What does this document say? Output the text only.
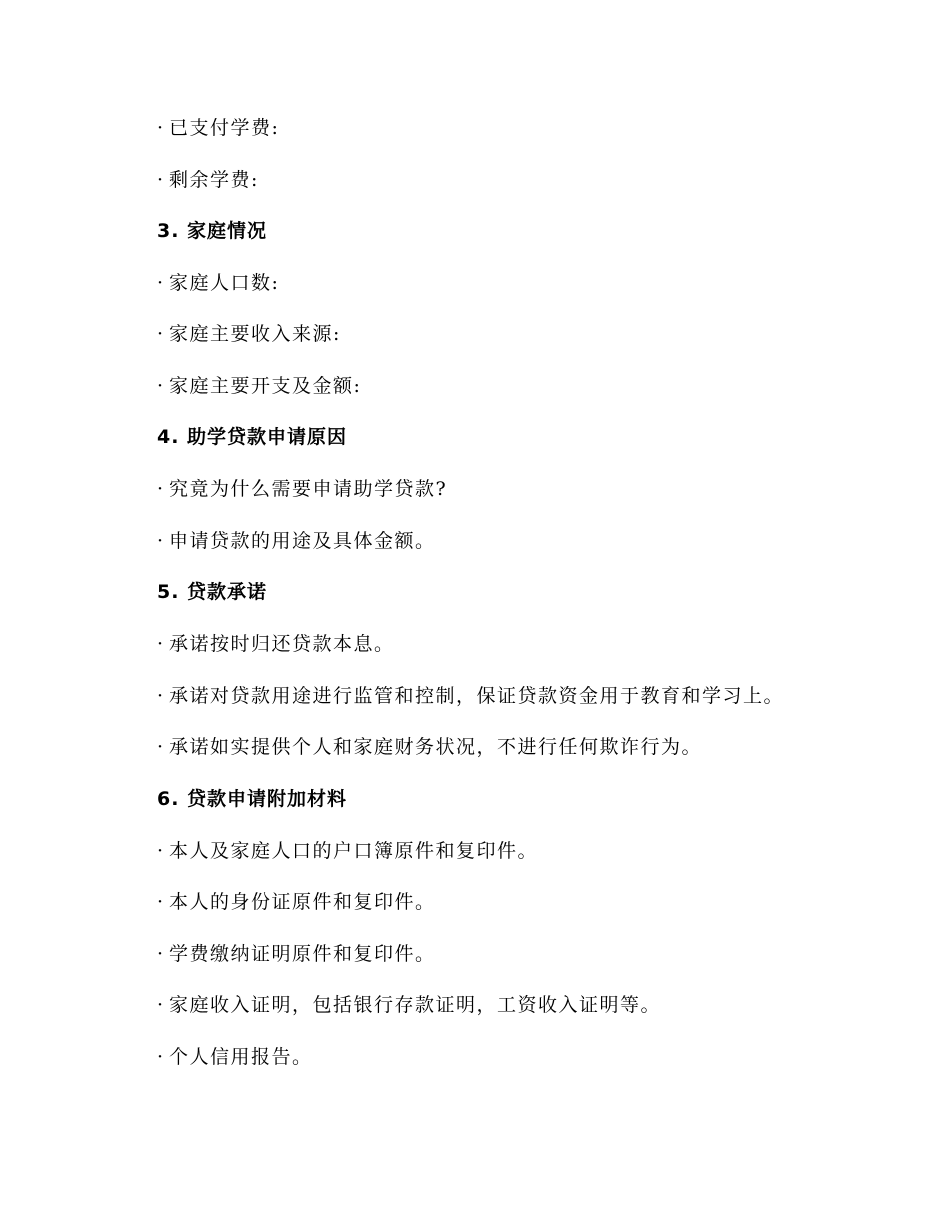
· 已支付学费:
· 剩余学费:
3. 家庭情况
· 家庭人口数:
· 家庭主要收入来源:
· 家庭主要开支及金额:
4. 助学贷款申请原因
· 究竟为什么需要申请助学贷款?
· 申请贷款的用途及具体金额。
5. 贷款承诺
· 承诺按时归还贷款本息。
· 承诺对贷款用途进行监管和控制，保证贷款资金用于教育和学习上。
· 承诺如实提供个人和家庭财务状况，不进行任何欺诈行为。
6. 贷款申请附加材料
· 本人及家庭人口的户口簿原件和复印件。
· 本人的身份证原件和复印件。
· 学费缴纳证明原件和复印件。
· 家庭收入证明，包括银行存款证明，工资收入证明等。
· 个人信用报告。
